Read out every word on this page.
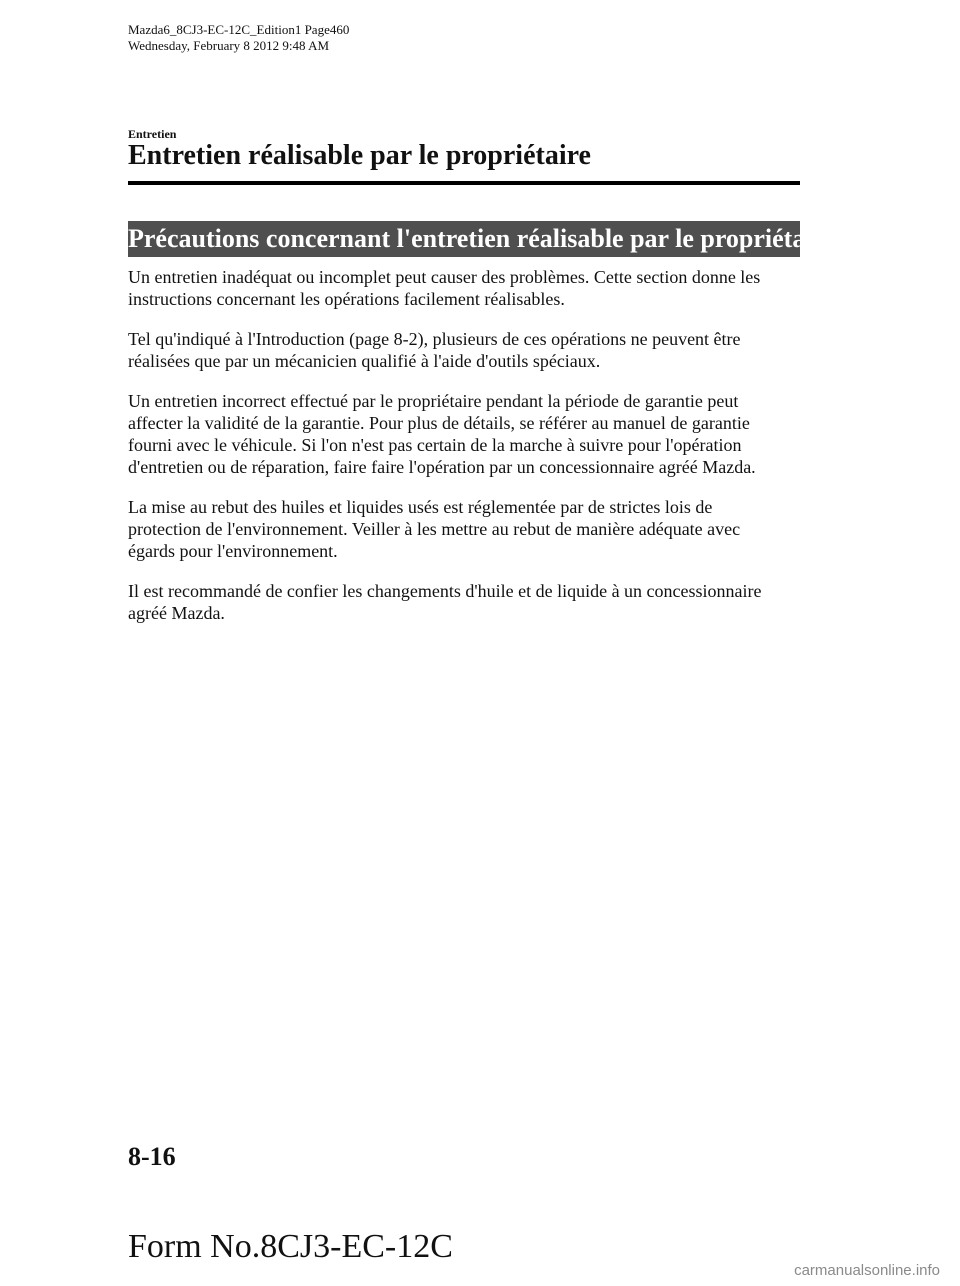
Mazda6_8CJ3-EC-12C_Edition1 Page460
Wednesday, February 8 2012 9:48 AM
Entretien
Entretien réalisable par le propriétaire
Précautions concernant l'entretien réalisable par le propriétaire

Un entretien inadéquat ou incomplet peut causer des problèmes. Cette section donne les
instructions concernant les opérations facilement réalisables.

Tel qu'indiqué à l'Introduction (page 8-2), plusieurs de ces opérations ne peuvent être
réalisées que par un mécanicien qualifié à l'aide d'outils spéciaux.

Un entretien incorrect effectué par le propriétaire pendant la période de garantie peut
affecter la validité de la garantie. Pour plus de détails, se référer au manuel de garantie
fourni avec le véhicule. Si l'on n'est pas certain de la marche à suivre pour l'opération
d'entretien ou de réparation, faire faire l'opération par un concessionnaire agréé Mazda.

La mise au rebut des huiles et liquides usés est réglementée par de strictes lois de
protection de l'environnement. Veiller à les mettre au rebut de manière adéquate avec
égards pour l'environnement.

Il est recommandé de confier les changements d'huile et de liquide à un concessionnaire
agréé Mazda.

8-16
Form No.8CJ3-EC-12C
carmanualsonline.info
